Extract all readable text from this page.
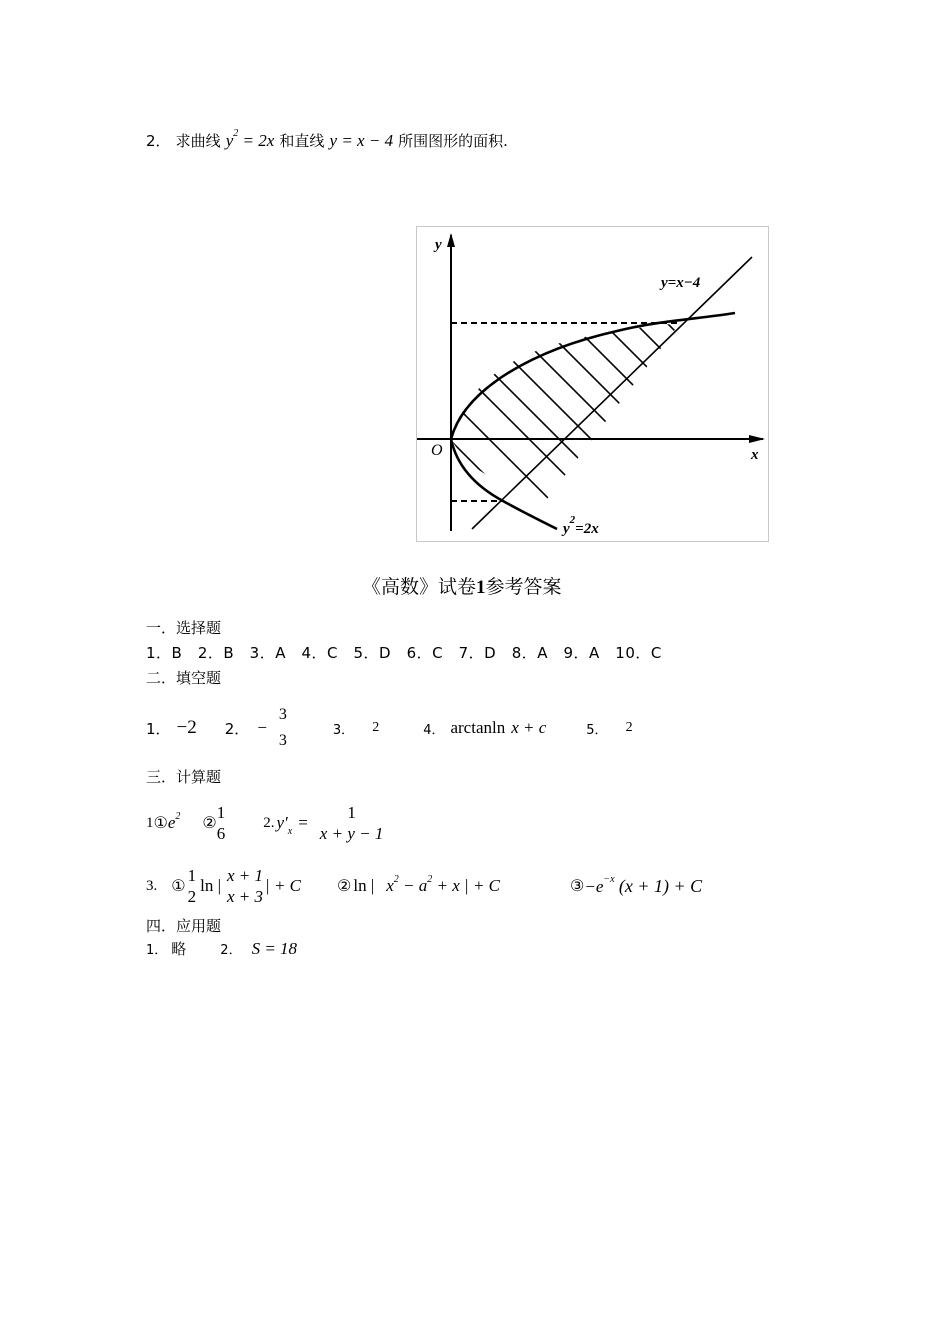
2． 求曲线 $y^2 = 2x$ 和直线 y = x − 4 所围图形的面积.
y
x
O
y=x−4
$y^2=2x$
《高数》试卷1参考答案
一．选择题
1．B　2．B　3．A　4．C　5．D　6．C　7．D　8．A　9．A　10．C
二．填空题
1． −2 2． −
3
3
3． 2	4． arctanln x + c	5． 2
三．计算题
1 ① $e^2$ ②
1
6
2. $y'_x$ =
1
x + y − 1
3. ①
1
2
ln |
x + 1
x + 3
| + C ② ln | $x^2 - a^2 + x$ | + C	③ $-e^{-x}$ (x + 1) + C
四．应用题
1． 略	2． S = 18
